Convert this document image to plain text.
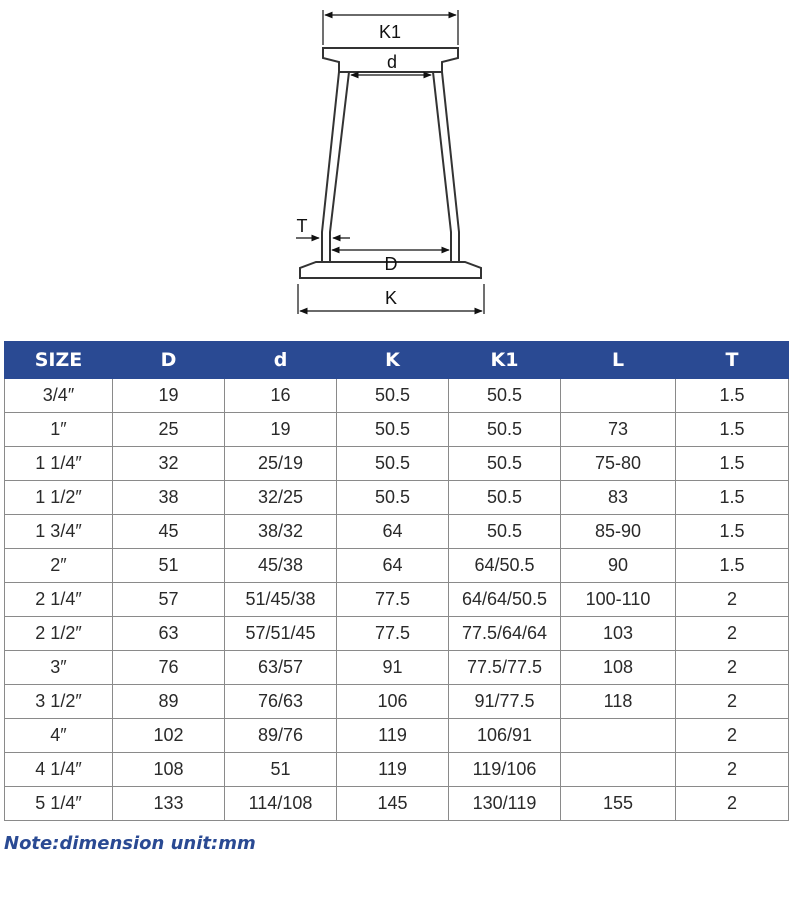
K1
d
T
D
K
SIZE	D	d	K	K1	L	T
3/4″	19	16	50.5	50.5		1.5
1″	25	19	50.5	50.5	73	1.5
1 1/4″	32	25/19	50.5	50.5	75-80	1.5
1 1/2″	38	32/25	50.5	50.5	83	1.5
1 3/4″	45	38/32	64	50.5	85-90	1.5
2″	51	45/38	64	64/50.5	90	1.5
2 1/4″	57	51/45/38	77.5	64/64/50.5	100-110	2
2 1/2″	63	57/51/45	77.5	77.5/64/64	103	2
3″	76	63/57	91	77.5/77.5	108	2
3 1/2″	89	76/63	106	91/77.5	118	2
4″	102	89/76	119	106/91		2
4 1/4″	108	51	119	119/106		2
5 1/4″	133	114/108	145	130/119	155	2
Note:dimension unit:mm
